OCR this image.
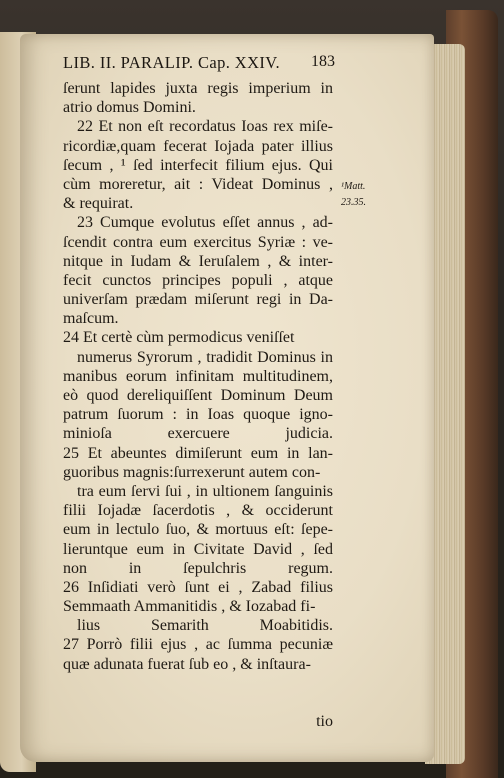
LIB. II. PARALIP. Cap. XXIV.	183
¹Matt.
23.35.
ſerunt lapides juxta regis imperium in
atrio domus Domini.
22 Et non eſt recordatus Ioas rex miſe-
ricordiæ,quam fecerat Iojada pater illius
ſecum , ¹ ſed interfecit filium ejus. Qui
cùm moreretur, ait : Videat Dominus ,
& requirat.
23 Cumque evolutus eſſet annus , ad-
ſcendit contra eum exercitus Syriæ : ve-
nitque in Iudam & Ieruſalem , & inter-
fecit cunctos principes populi , atque
univerſam prædam miſerunt regi in Da-
maſcum.
24 Et certè cùm permodicus veniſſet
numerus Syrorum , tradidit Dominus in
manibus eorum infinitam multitudinem,
eò quod dereliquiſſent Dominum Deum
patrum ſuorum : in Ioas quoque igno-
minioſa exercuere judicia.
25 Et abeuntes dimiſerunt eum in lan-
guoribus magnis:ſurrexerunt autem con-
tra eum ſervi ſui , in ultionem ſanguinis
filii Iojadæ ſacerdotis , & occiderunt
eum in lectulo ſuo, & mortuus eſt: ſepe-
lieruntque eum in Civitate David , ſed
non in ſepulchris regum.
26 Inſidiati verò ſunt ei , Zabad filius
Semmaath Ammanitidis , & Iozabad fi-
lius Semarith Moabitidis.
27 Porrò filii ejus , ac ſumma pecuniæ
quæ adunata fuerat ſub eo , & inſtaura-
tio
